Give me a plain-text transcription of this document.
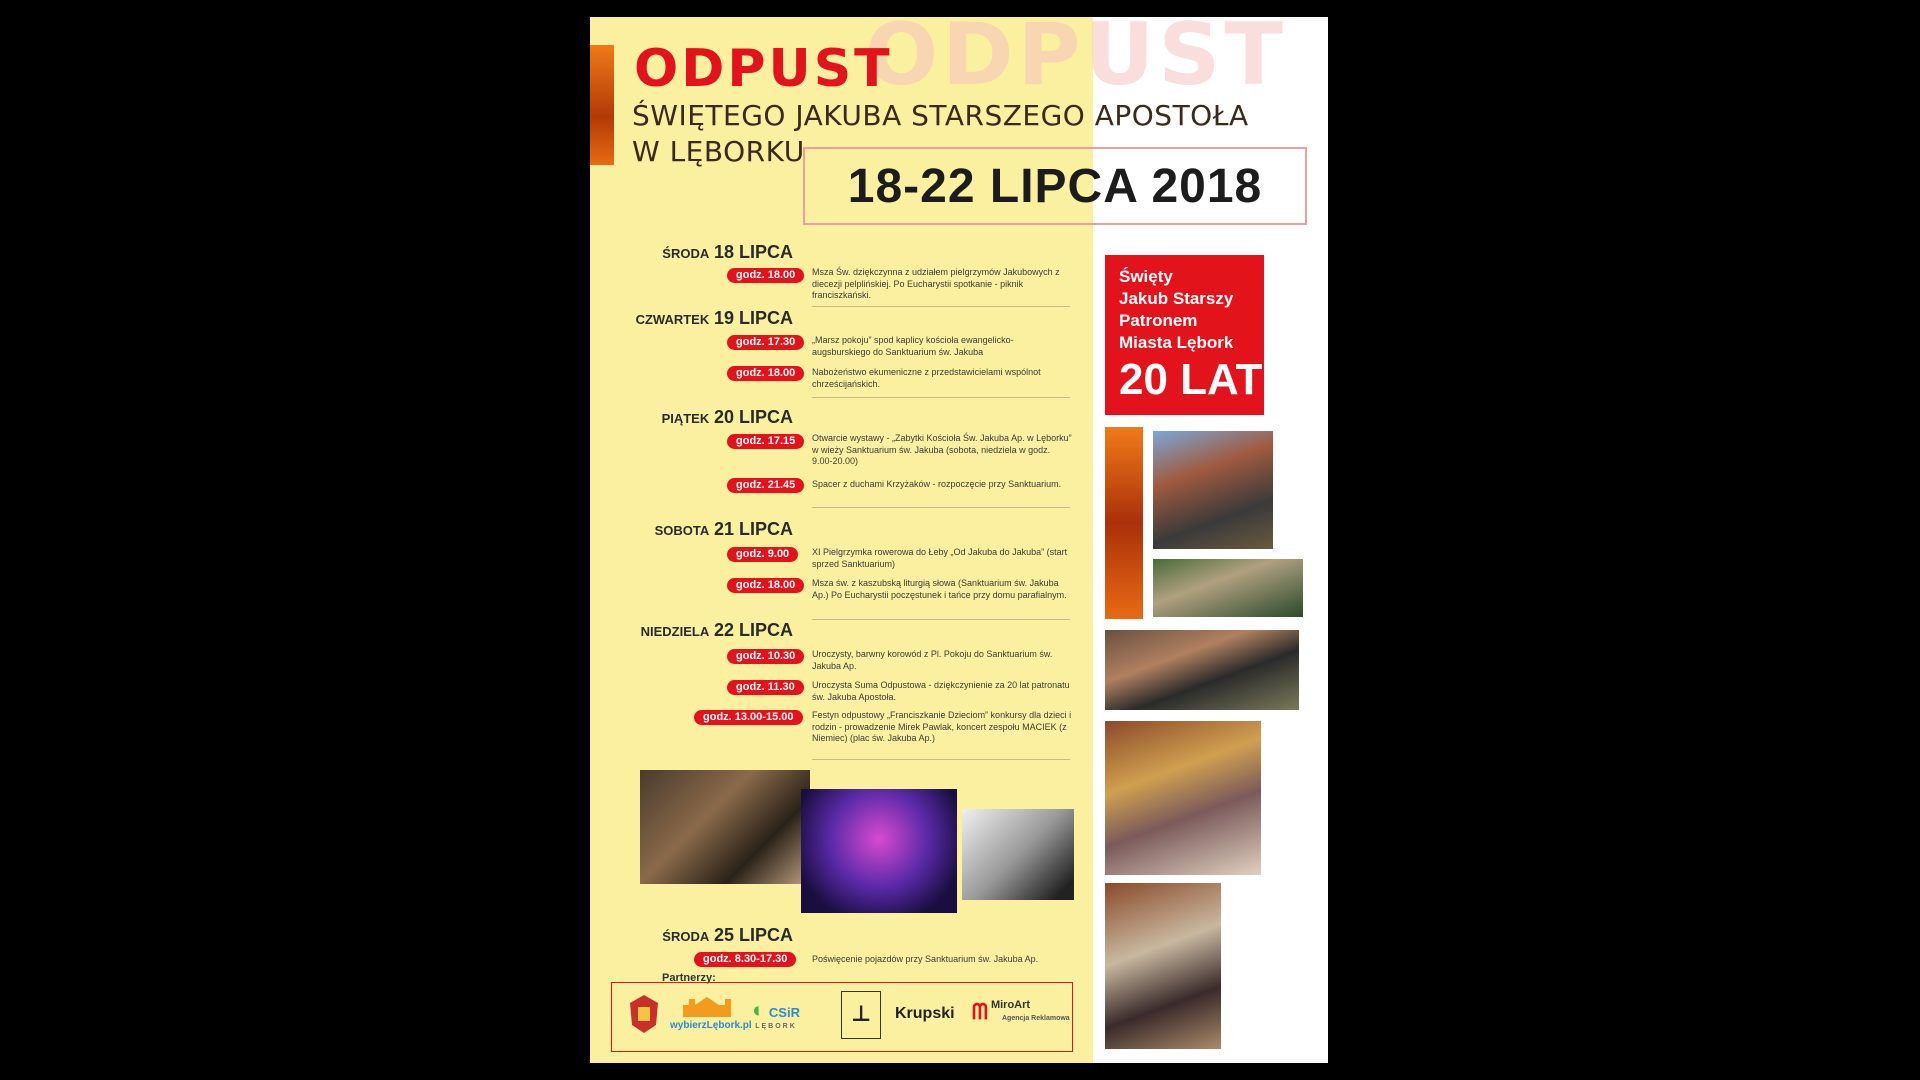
ODPUST
ODPUST
ŚWIĘTEGO JAKUBA STARSZEGO APOSTOŁA
W LĘBORKU
18-22 LIPCA 2018
ŚRODA 18 LIPCA
godz. 18.00	Msza Św. dziękczynna z udziałem pielgrzymów Jakubowych z diecezji pelplińskiej. Po Eucharystii spotkanie - piknik franciszkański.
CZWARTEK 19 LIPCA
godz. 17.30	„Marsz pokoju” spod kaplicy kościoła ewangelicko-augsburskiego do Sanktuarium św. Jakuba
godz. 18.00	Nabożeństwo ekumeniczne z przedstawicielami wspólnot chrześcijańskich.
PIĄTEK 20 LIPCA
godz. 17.15	Otwarcie wystawy - „Zabytki Kościoła Św. Jakuba Ap. w Lęborku” w wieży Sanktuarium św. Jakuba (sobota, niedziela w godz. 9.00-20.00)
godz. 21.45	Spacer z duchami Krzyżaków - rozpoczęcie przy Sanktuarium.
SOBOTA 21 LIPCA
godz. 9.00	XI Pielgrzymka rowerowa do Łeby „Od Jakuba do Jakuba” (start sprzed Sanktuarium)
godz. 18.00	Msza św. z kaszubską liturgią słowa (Sanktuarium św. Jakuba Ap.) Po Eucharystii poczęstunek i tańce przy domu parafialnym.
NIEDZIELA 22 LIPCA
godz. 10.30	Uroczysty, barwny korowód z Pl. Pokoju do Sanktuarium św. Jakuba Ap.
godz. 11.30	Uroczysta Suma Odpustowa - dziękczynienie za 20 lat patronatu św. Jakuba Apostoła.
godz. 13.00-15.00	Festyn odpustowy „Franciszkanie Dzieciom” konkursy dla dzieci i rodzin - prowadzenie Mirek Pawlak, koncert zespołu MACIEK (z Niemiec) (plac św. Jakuba Ap.)
ŚRODA 25 LIPCA
godz. 8.30-17.30	Poświęcenie pojazdów przy Sanktuarium św. Jakuba Ap.
Partnerzy:
wybierzLębork.pl
◐ CSiR
LĘBORK
⊥	Krupski ᗰ MiroArt
Agencja Reklamowa
Święty
Jakub Starszy
Patronem
Miasta Lębork
20 LAT
